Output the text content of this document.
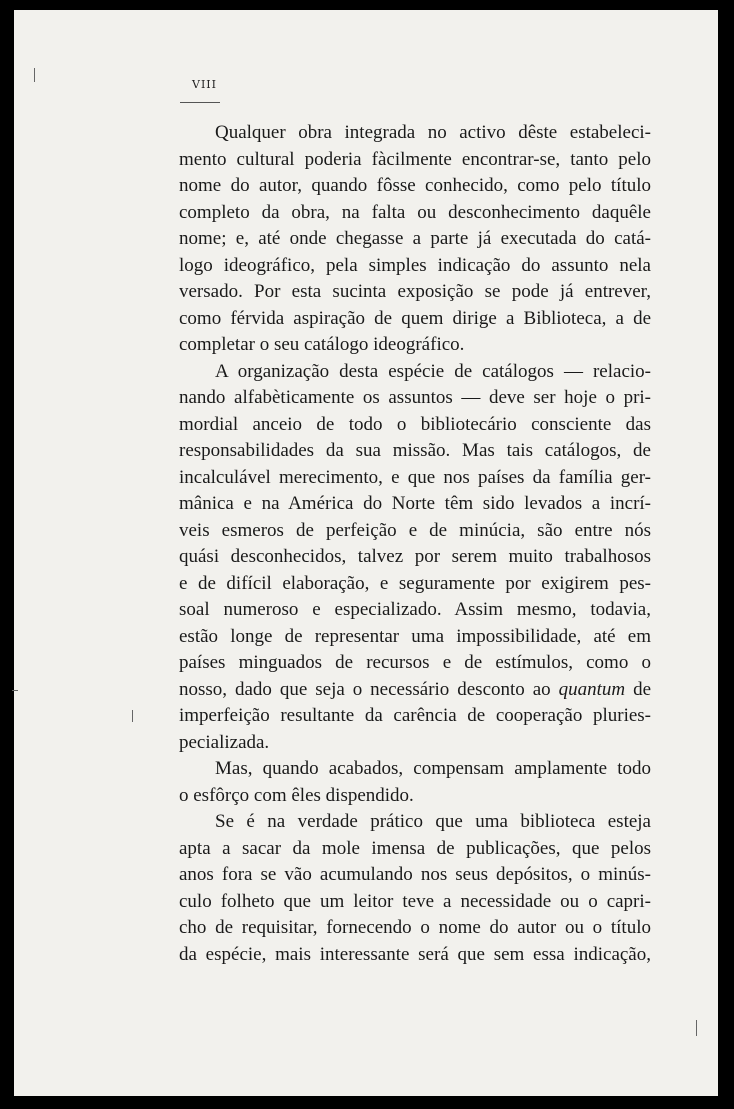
VIII
Qualquer obra integrada no activo dêste estabeleci-
mento cultural poderia fàcilmente encontrar-se, tanto pelo
nome do autor, quando fôsse conhecido, como pelo título
completo da obra, na falta ou desconhecimento daquêle
nome; e, até onde chegasse a parte já executada do catá-
logo ideográfico, pela simples indicação do assunto nela
versado. Por esta sucinta exposição se pode já entrever,
como férvida aspiração de quem dirige a Biblioteca, a de
completar o seu catálogo ideográfico.
A organização desta espécie de catálogos — relacio-
nando alfabèticamente os assuntos — deve ser hoje o pri-
mordial anceio de todo o bibliotecário consciente das
responsabilidades da sua missão. Mas tais catálogos, de
incalculável merecimento, e que nos países da família ger-
mânica e na América do Norte têm sido levados a incrí-
veis esmeros de perfeição e de minúcia, são entre nós
quási desconhecidos, talvez por serem muito trabalhosos
e de difícil elaboração, e seguramente por exigirem pes-
soal numeroso e especializado. Assim mesmo, todavia,
estão longe de representar uma impossibilidade, até em
países minguados de recursos e de estímulos, como o
nosso, dado que seja o necessário desconto ao quantum de
imperfeição resultante da carência de cooperação pluries-
pecializada.
Mas, quando acabados, compensam amplamente todo
o esfôrço com êles dispendido.
Se é na verdade prático que uma biblioteca esteja
apta a sacar da mole imensa de publicações, que pelos
anos fora se vão acumulando nos seus depósitos, o minús-
culo folheto que um leitor teve a necessidade ou o capri-
cho de requisitar, fornecendo o nome do autor ou o título
da espécie, mais interessante será que sem essa indicação,
